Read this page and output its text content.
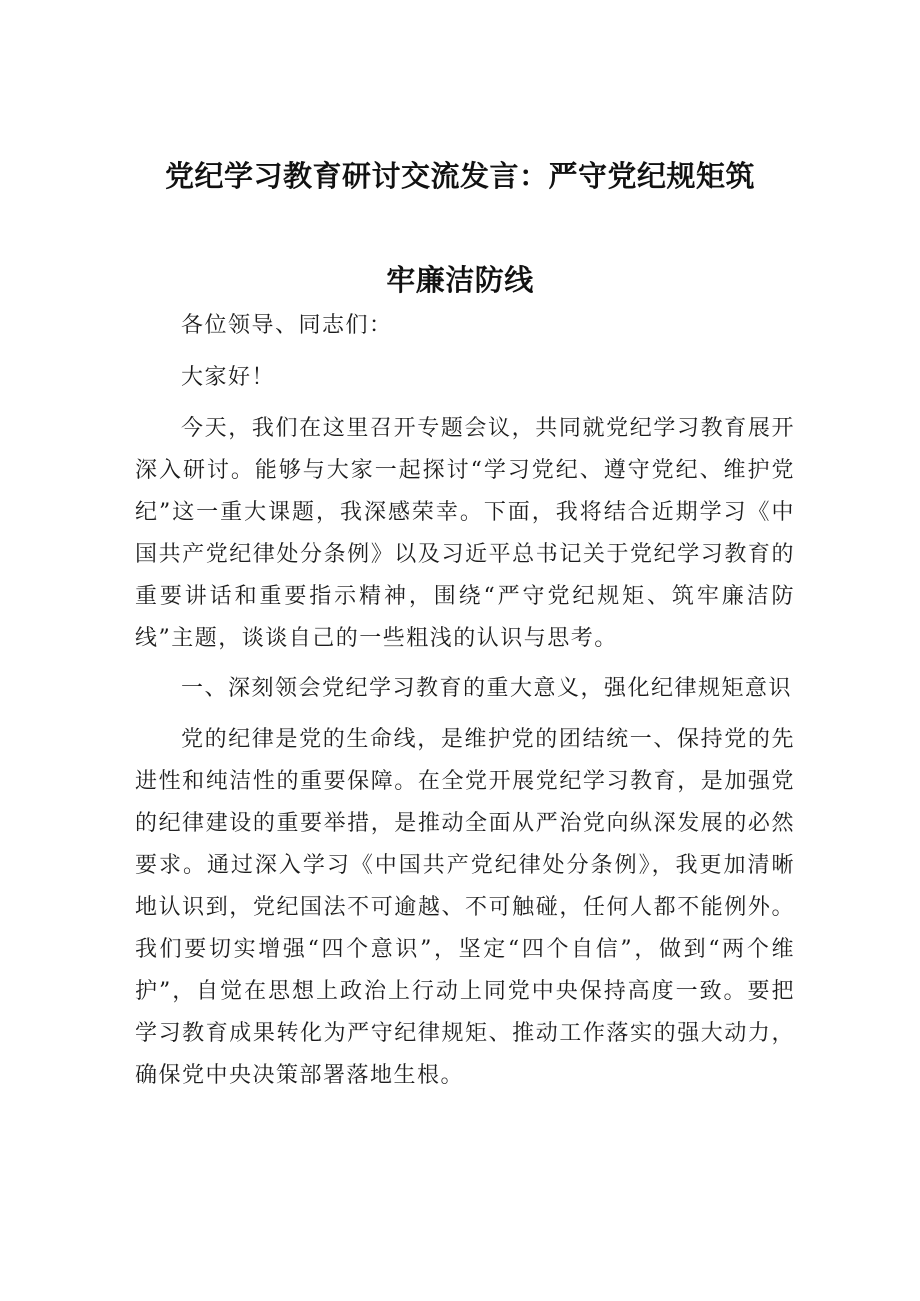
党纪学习教育研讨交流发言：严守党纪规矩筑
牢廉洁防线
各位领导、同志们：
大家好！

今天，我们在这里召开专题会议，共同就党纪学习教育展开深入研讨。能够与大家一起探讨“学习党纪、遵守党纪、维护党纪”这一重大课题，我深感荣幸。下面，我将结合近期学习《中国共产党纪律处分条例》以及习近平总书记关于党纪学习教育的重要讲话和重要指示精神，围绕“严守党纪规矩、筑牢廉洁防线”主题，谈谈自己的一些粗浅的认识与思考。

一、深刻领会党纪学习教育的重大意义，强化纪律规矩意识

党的纪律是党的生命线，是维护党的团结统一、保持党的先进性和纯洁性的重要保障。在全党开展党纪学习教育，是加强党的纪律建设的重要举措，是推动全面从严治党向纵深发展的必然要求。通过深入学习《中国共产党纪律处分条例》，我更加清晰地认识到，党纪国法不可逾越、不可触碰，任何人都不能例外。我们要切实增强“四个意识”，坚定“四个自信”，做到“两个维护”，自觉在思想上政治上行动上同党中央保持高度一致。要把学习教育成果转化为严守纪律规矩、推动工作落实的强大动力，确保党中央决策部署落地生根。
